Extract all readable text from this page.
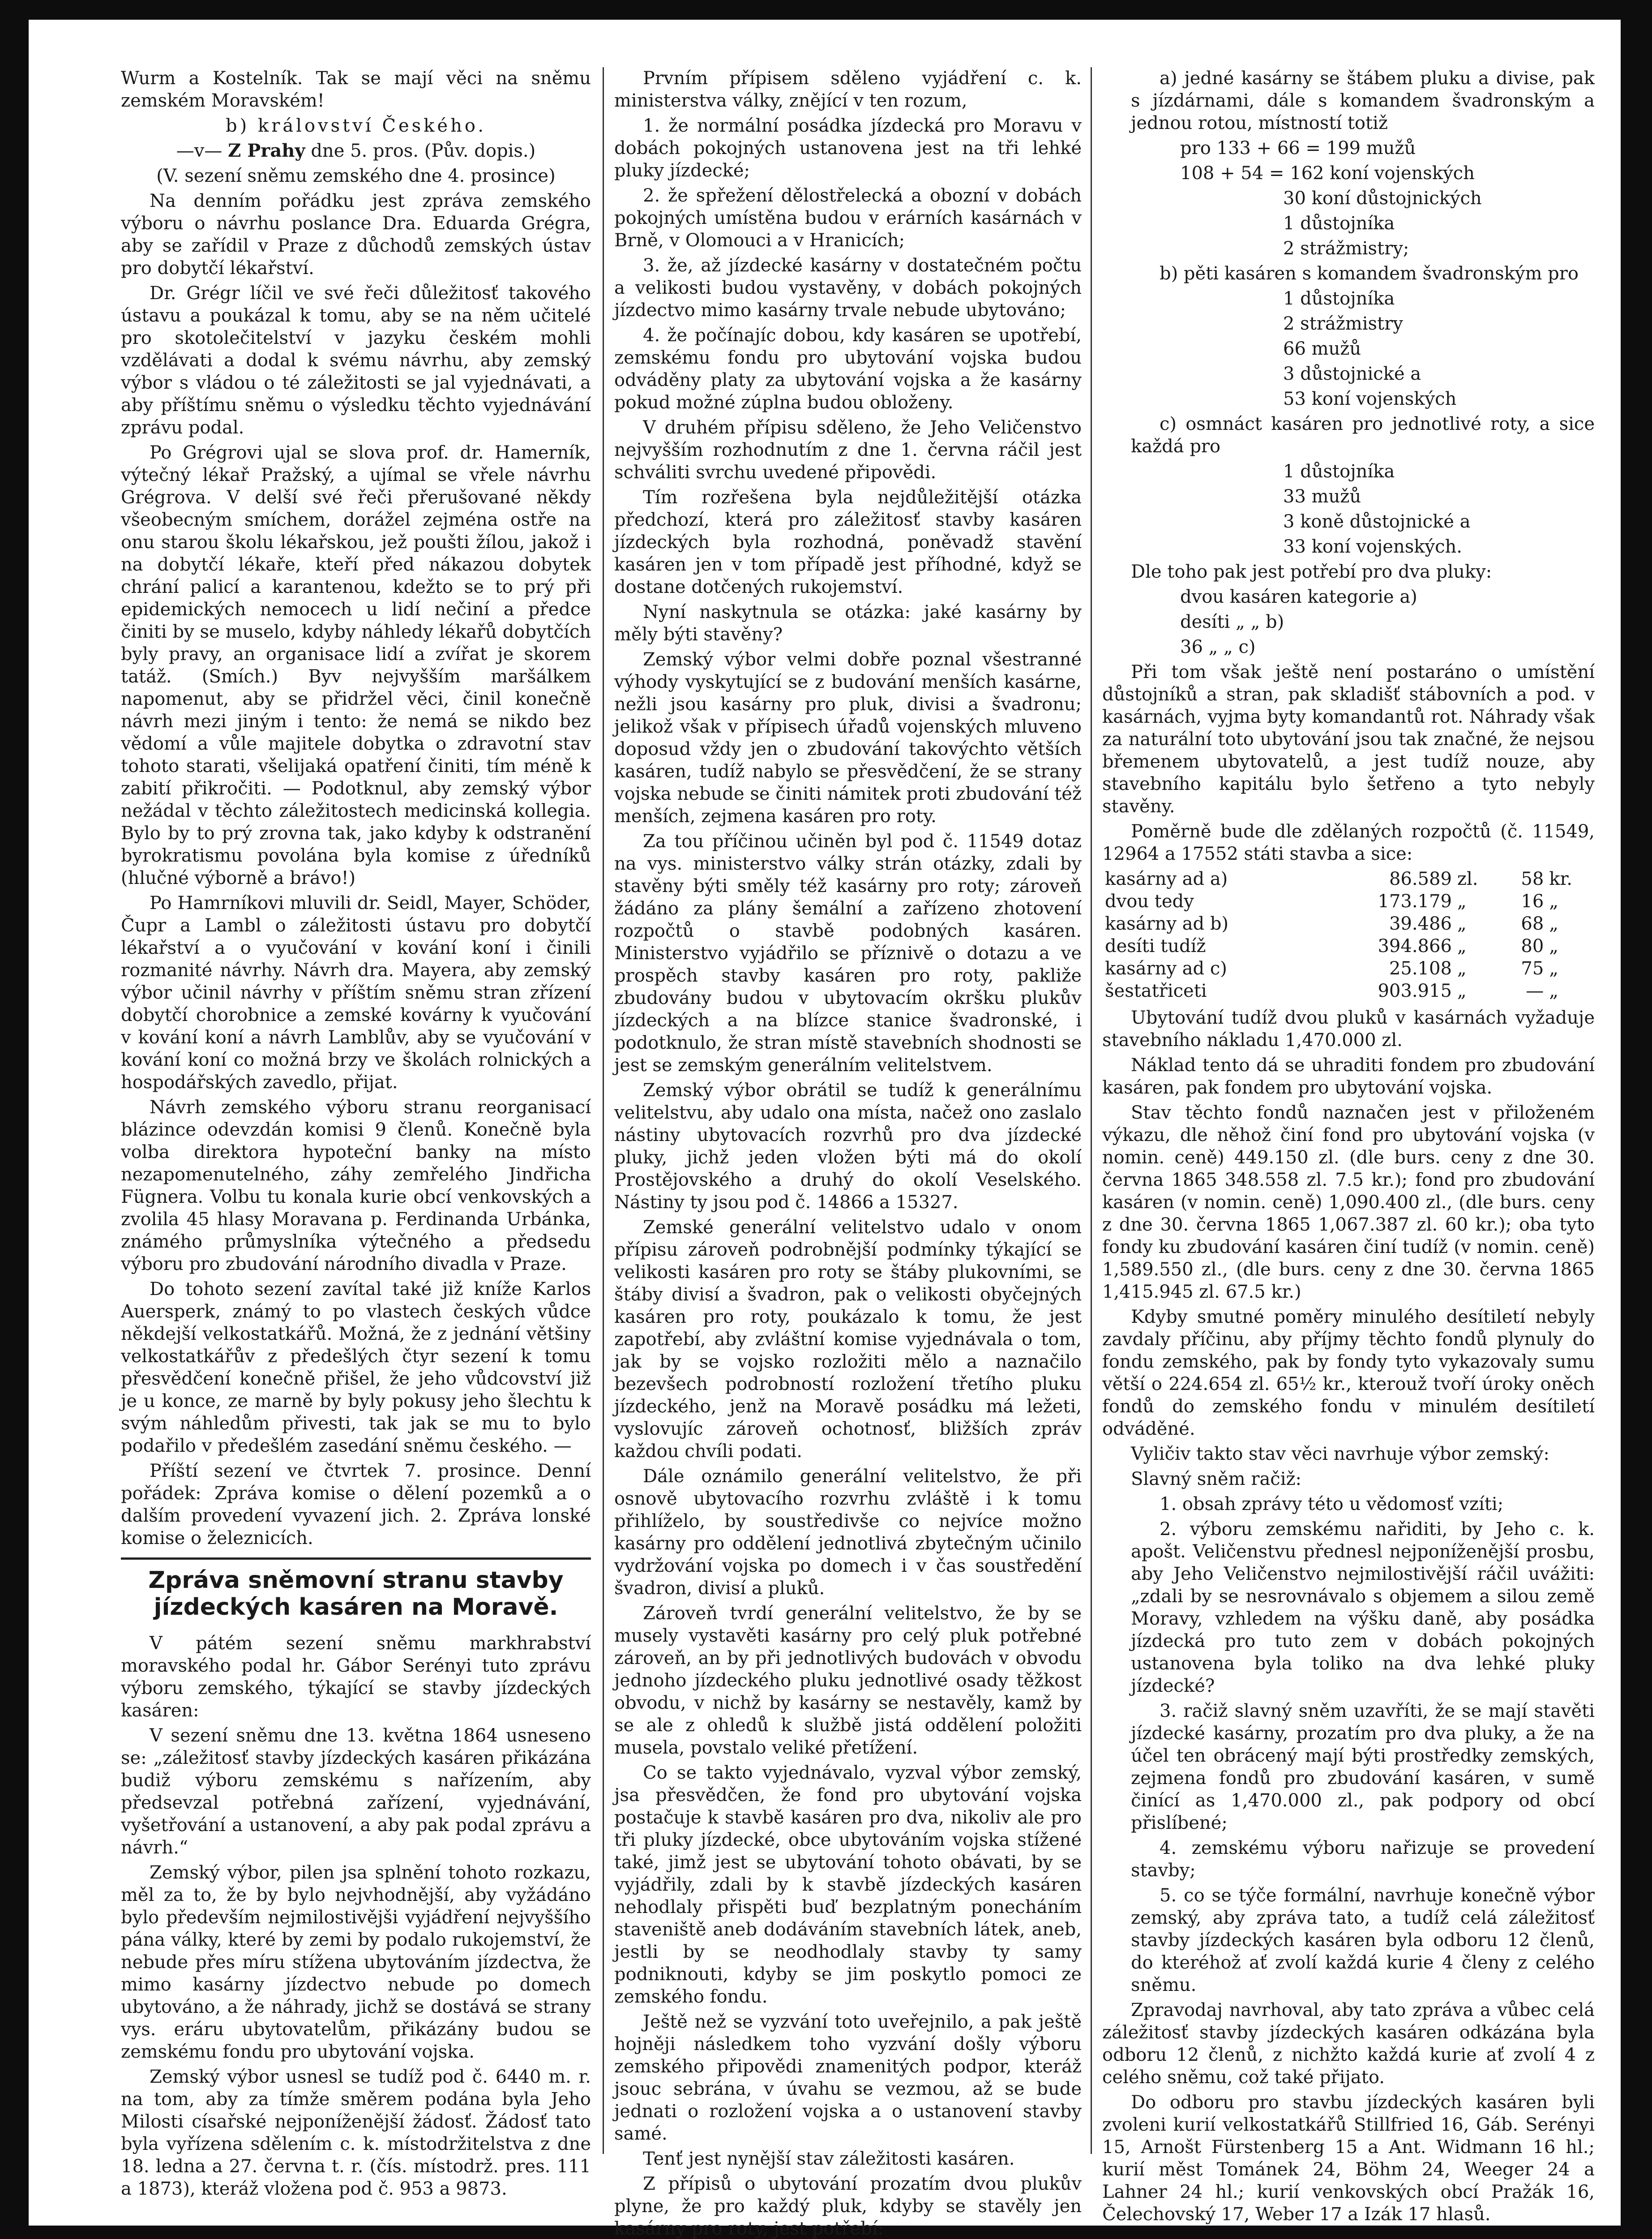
Wurm a Kostelník. Tak se mají věci na sněmu zemském Moravském!

b) království Českého.

—v— Z Prahy dne 5. pros. (Pův. dopis.)

(V. sezení sněmu zemského dne 4. prosince)

Na denním pořádku jest zpráva zemského výboru o návrhu poslance Dra. Eduarda Grégra, aby se zařídil v Praze z důchodů zemských ústav pro dobytčí lékařství.

Dr. Grégr líčil ve své řeči důležitosť takového ústavu a poukázal k tomu, aby se na něm učitelé pro skotolečitelství v jazyku českém mohli vzdělávati a dodal k svému návrhu, aby zemský výbor s vládou o té záležitosti se jal vyjednávati, a aby příštímu sněmu o výsledku těchto vyjednávání zprávu podal.

Po Grégrovi ujal se slova prof. dr. Hamerník, výtečný lékař Pražský, a ujímal se vřele návrhu Grégrova. V delší své řeči přerušované někdy všeobecným smíchem, dorážel zejména ostře na onu starou školu lékařskou, jež poušti žílou, jakož i na dobytčí lékaře, kteří před nákazou dobytek chrání palicí a karantenou, kdežto se to prý při epidemických nemocech u lidí nečiní a předce činiti by se muselo, kdyby náhledy lékařů dobytčích byly pravy, an organisace lidí a zvířat je skorem tatáž. (Smích.) Byv nejvyšším maršálkem napomenut, aby se přidržel věci, činil konečně návrh mezi jiným i tento: že nemá se nikdo bez vědomí a vůle majitele dobytka o zdravotní stav tohoto starati, všelijaká opatření činiti, tím méně k zabití přikročiti. — Podotknul, aby zemský výbor nežádal v těchto záležitostech medicinská kollegia. Bylo by to prý zrovna tak, jako kdyby k odstranění byrokratismu povolána byla komise z úředníků (hlučné výborně a brávo!)

Po Hamrníkovi mluvili dr. Seidl, Mayer, Schöder, Čupr a Lambl o záležitosti ústavu pro dobytčí lékařství a o vyučování v kování koní i činili rozmanité návrhy. Návrh dra. Mayera, aby zemský výbor učinil návrhy v příštím sněmu stran zřízení dobytčí chorobnice a zemské kovárny k vyučování v kování koní a návrh Lamblův, aby se vyučování v kování koní co možná brzy ve školách rolnických a hospodářských zavedlo, přijat.

Návrh zemského výboru stranu reorganisací blázince odevzdán komisi 9 členů. Konečně byla volba direktora hypoteční banky na místo nezapomenutelného, záhy zemřelého Jindřicha Fügnera. Volbu tu konala kurie obcí venkovských a zvolila 45 hlasy Moravana p. Ferdinanda Urbánka, známého průmyslníka výtečného a předsedu výboru pro zbudování národního divadla v Praze.

Do tohoto sezení zavítal také již kníže Karlos Auersperk, známý to po vlastech českých vůdce někdejší velkostatkářů. Možná, že z jednání většiny velkostatkářův z předešlých čtyr sezení k tomu přesvědčení konečně přišel, že jeho vůdcovství již je u konce, ze marně by byly pokusy jeho šlechtu k svým náhledům přivesti, tak jak se mu to bylo podařilo v předešlém zasedání sněmu českého. —

Příští sezení ve čtvrtek 7. prosince. Denní pořádek: Zpráva komise o dělení pozemků a o dalším provedení vyvazení jich. 2. Zpráva lonské komise o železnicích.

Zpráva sněmovní stranu stavby jízdeckých kasáren na Moravě.

V pátém sezení sněmu markhrabství moravského podal hr. Gábor Serényi tuto zprávu výboru zemského, týkající se stavby jízdeckých kasáren:

V sezení sněmu dne 13. května 1864 usneseno se: „záležitosť stavby jízdeckých kasáren přikázána budiž výboru zemskému s nařízením, aby předsevzal potřebná zařízení, vyjednávání, vyšetřování a ustanovení, a aby pak podal zprávu a návrh.“

Zemský výbor, pilen jsa splnění tohoto rozkazu, měl za to, že by bylo nejvhodnější, aby vyžádáno bylo především nejmilostivějši vyjádření nejvyššího pána války, které by zemi by podalo rukojemství, že nebude přes míru stížena ubytováním jízdectva, že mimo kasárny jízdectvo nebude po domech ubytováno, a že náhrady, jichž se dostává se strany vys. eráru ubytovatelům, přikázány budou se zemskému fondu pro ubytování vojska.

Zemský výbor usnesl se tudíž pod č. 6440 m. r. na tom, aby za tímže směrem podána byla Jeho Milosti císařské nejponíženější žádosť. Žádosť tato byla vyřízena sdělením c. k. místodržitelstva z dne 18. ledna a 27. června t. r. (čís. místodrž. pres. 111 a 1873), kteráž vložena pod č. 953 a 9873.

Prvním přípisem sděleno vyjádření c. k. ministerstva války, znějící v ten rozum,

1. že normální posádka jízdecká pro Moravu v dobách pokojných ustanovena jest na tři lehké pluky jízdecké;

2. že spřežení dělostřelecká a obozní v dobách pokojných umístěna budou v erárních kasárnách v Brně, v Olomouci a v Hranicích;

3. že, až jízdecké kasárny v dostatečném počtu a velikosti budou vystavěny, v dobách pokojných jízdectvo mimo kasárny trvale nebude ubytováno;

4. že počínajíc dobou, kdy kasáren se upotřebí, zemskému fondu pro ubytování vojska budou odváděny platy za ubytování vojska a že kasárny pokud možné zúplna budou obloženy.

V druhém přípisu sděleno, že Jeho Veličenstvo nejvyšším rozhodnutím z dne 1. června ráčil jest schváliti svrchu uvedené připovědi.

Tím rozřešena byla nejdůležitější otázka předchozí, která pro záležitosť stavby kasáren jízdeckých byla rozhodná, poněvadž stavění kasáren jen v tom případě jest příhodné, když se dostane dotčených rukojemství.

Nyní naskytnula se otázka: jaké kasárny by měly býti stavěny?

Zemský výbor velmi dobře poznal všestranné výhody vyskytující se z budování menších kasárne, nežli jsou kasárny pro pluk, divisi a švadronu; jelikož však v přípisech úřadů vojenských mluveno doposud vždy jen o zbudování takovýchto větších kasáren, tudíž nabylo se přesvědčení, že se strany vojska nebude se činiti námitek proti zbudování též menších, zejmena kasáren pro roty.

Za tou příčinou učiněn byl pod č. 11549 dotaz na vys. ministerstvo války strán otázky, zdali by stavěny býti směly též kasárny pro roty; zároveň žádáno za plány šemální a zařízeno zhotovení rozpočtů o stavbě podobných kasáren. Ministerstvo vyjádřilo se příznivě o dotazu a ve prospěch stavby kasáren pro roty, pakliže zbudovány budou v ubytovacím okršku plukův jízdeckých a na blízce stanice švadronské, i podotknulo, že stran místě stavebních shodnosti se jest se zemským generálním velitelstvem.

Zemský výbor obrátil se tudíž k generálnímu velitelstvu, aby udalo ona místa, načež ono zaslalo nástiny ubytovacích rozvrhů pro dva jízdecké pluky, jichž jeden vložen býti má do okolí Prostějovského a druhý do okolí Veselského. Nástiny ty jsou pod č. 14866 a 15327.

Zemské generální velitelstvo udalo v onom přípisu zároveň podrobnější podmínky týkající se velikosti kasáren pro roty se štáby plukovními, se štáby divisí a švadron, pak o velikosti obyčejných kasáren pro roty, poukázalo k tomu, že jest zapotřebí, aby zvláštní komise vyjednávala o tom, jak by se vojsko rozložiti mělo a naznačilo bezevšech podrobností rozložení třetího pluku jízdeckého, jenž na Moravě posádku má ležeti, vyslovujíc zároveň ochotnosť, bližších zpráv každou chvíli podati.

Dále oznámilo generální velitelstvo, že při osnově ubytovacího rozvrhu zvláště i k tomu přihlíželo, by soustředivše co nejvíce možno kasárny pro oddělení jednotlivá zbytečným učinilo vydržování vojska po domech i v čas soustředění švadron, divisí a pluků.

Zároveň tvrdí generální velitelstvo, že by se musely vystavěti kasárny pro celý pluk potřebné zároveň, an by při jednotlivých budovách v obvodu jednoho jízdeckého pluku jednotlivé osady těžkost obvodu, v nichž by kasárny se nestavěly, kamž by se ale z ohledů k službě jistá oddělení položiti musela, povstalo veliké přetížení.

Co se takto vyjednávalo, vyzval výbor zemský, jsa přesvědčen, že fond pro ubytování vojska postačuje k stavbě kasáren pro dva, nikoliv ale pro tři pluky jízdecké, obce ubytováním vojska stížené také, jimž jest se ubytování tohoto obávati, by se vyjádřily, zdali by k stavbě jízdeckých kasáren nehodlaly přispěti buď bezplatným ponecháním staveniště aneb dodáváním stavebních látek, aneb, jestli by se neodhodlaly stavby ty samy podniknouti, kdyby se jim poskytlo pomoci ze zemského fondu.

Ještě než se vyzvání toto uveřejnilo, a pak ještě hojněji následkem toho vyzvání došly výboru zemského připovědi znamenitých podpor, kteráž jsouc sebrána, v úvahu se vezmou, až se bude jednati o rozložení vojska a o ustanovení stavby samé.

Tenť jest nynější stav záležitosti kasáren.

Z přípisů o ubytování prozatím dvou plukův plyne, že pro každý pluk, kdyby se stavěly jen kasárny pro roty, jest potřebí:

a) jedné kasárny se štábem pluku a divise, pak s jízdárnami, dále s komandem švadronským a jednou rotou, místností totiž

pro 133 + 66 = 199 mužů

108 + 54 = 162 koní vojenských

30 koní důstojnických

1 důstojníka

2 strážmistry;

b) pěti kasáren s komandem švadronským pro

1 důstojníka

2 strážmistry

66 mužů

3 důstojnické a

53 koní vojenských

c) osmnáct kasáren pro jednotlivé roty, a sice každá pro

1 důstojníka

33 mužů

3 koně důstojnické a

33 koní vojenských.

Dle toho pak jest potřebí pro dva pluky:

dvou kasáren kategorie a)

desíti „ „ b)

36 „ „ c)

Při tom však ještě není postaráno o umístění důstojníků a stran, pak skladišť stábovních a pod. v kasárnách, vyjma byty komandantů rot. Náhrady však za naturální toto ubytování jsou tak značné, že nejsou břemenem ubytovatelů, a jest tudíž nouze, aby stavebního kapitálu bylo šetřeno a tyto nebyly stavěny.

Poměrně bude dle zdělaných rozpočtů (č. 11549, 12964 a 17552 státi stavba a sice:

kasárny ad a)	86.589	zl.	58	kr.
dvou tedy	173.179	„	16	„
kasárny ad b)	39.486	„	68	„
desíti tudíž	394.866	„	80	„
kasárny ad c)	25.108	„	75	„
šestatřiceti	903.915	„	—	„

Ubytování tudíž dvou pluků v kasárnách vyžaduje stavebního nákladu 1,470.000 zl.

Náklad tento dá se uhraditi fondem pro zbudování kasáren, pak fondem pro ubytování vojska.

Stav těchto fondů naznačen jest v přiloženém výkazu, dle něhož činí fond pro ubytování vojska (v nomin. ceně) 449.150 zl. (dle burs. ceny z dne 30. června 1865 348.558 zl. 7.5 kr.); fond pro zbudování kasáren (v nomin. ceně) 1,090.400 zl., (dle burs. ceny z dne 30. června 1865 1,067.387 zl. 60 kr.); oba tyto fondy ku zbudování kasáren činí tudíž (v nomin. ceně) 1,589.550 zl., (dle burs. ceny z dne 30. června 1865 1,415.945 zl. 67.5 kr.)

Kdyby smutné poměry minulého desítiletí nebyly zavdaly příčinu, aby příjmy těchto fondů plynuly do fondu zemského, pak by fondy tyto vykazovaly sumu větší o 224.654 zl. 65½ kr., kterouž tvoří úroky oněch fondů do zemského fondu v minulém desítiletí odváděné.

Vyličiv takto stav věci navrhuje výbor zemský:

Slavný sněm račiž:

1. obsah zprávy této u vědomosť vzíti;

2. výboru zemskému nařiditi, by Jeho c. k. apošt. Veličenstvu přednesl nejponíženější prosbu, aby Jeho Veličenstvo nejmilostivější ráčil uvážiti: „zdali by se nesrovnávalo s objemem a silou země Moravy, vzhledem na výšku daně, aby posádka jízdecká pro tuto zem v dobách pokojných ustanovena byla toliko na dva lehké pluky jízdecké?

3. račiž slavný sněm uzavříti, že se mají stavěti jízdecké kasárny, prozatím pro dva pluky, a že na účel ten obrácený mají býti prostředky zemských, zejmena fondů pro zbudování kasáren, v sumě činící as 1,470.000 zl., pak podpory od obcí přislíbené;

4. zemskému výboru nařizuje se provedení stavby;

5. co se týče formální, navrhuje konečně výbor zemský, aby zpráva tato, a tudíž celá záležitosť stavby jízdeckých kasáren byla odboru 12 členů, do kteréhož ať zvolí každá kurie 4 členy z celého sněmu.

Zpravodaj navrhoval, aby tato zpráva a vůbec celá záležitosť stavby jízdeckých kasáren odkázána byla odboru 12 členů, z nichžto každá kurie ať zvolí 4 z celého sněmu, což také přijato.

Do odboru pro stavbu jízdeckých kasáren byli zvoleni kurií velkostatkářů Stillfried 16, Gáb. Serényi 15, Arnošt Fürstenberg 15 a Ant. Widmann 16 hl.; kurií měst Tománek 24, Böhm 24, Weeger 24 a Lahner 24 hl.; kurií venkovských obcí Pražák 16, Čelechovský 17, Weber 17 a Izák 17 hlasů.
